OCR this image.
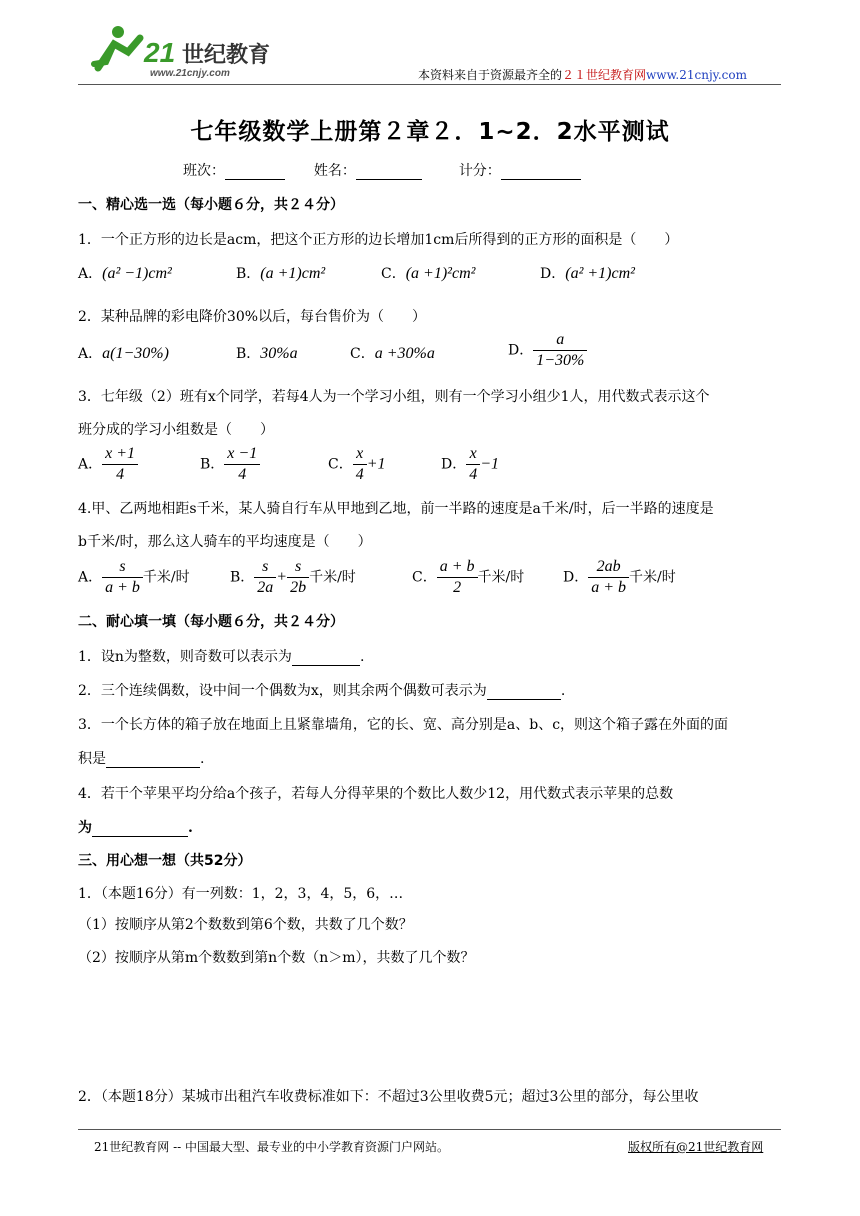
21 世纪教育
www.21cnjy.com	本资料来自于资源最齐全的２１世纪教育网www.21cnjy.com
七年级数学上册第２章２．1~2．2水平测试
班次：	姓名：	计分：
一、精心选一选（每小题６分，共２４分）
1．一个正方形的边长是acm，把这个正方形的边长增加1cm后所得到的正方形的面积是（　　）
A．(a² −1)cm²	B．(a +1)cm²	C．(a +1)²cm²	D．(a² +1)cm²
2．某种品牌的彩电降价30%以后，每台售价为（　　）
A．a(1−30%)	B．30%a	C．a +30%a	D． $\frac{a}{1-30\%}$
3．七年级（2）班有x个同学，若每4人为一个学习小组，则有一个学习小组少1人，用代数式表示这个
班分成的学习小组数是（　　）
A． $\frac{x +1}{4}$	B． $\frac{x -1}{4}$	C． $\frac{x}{4} +1$	D． $\frac{x}{4} -1$
4.甲、乙两地相距s千米，某人骑自行车从甲地到乙地，前一半路的速度是a千米/时，后一半路的速度是
b千米/时，那么这人骑车的平均速度是（　　）
A． $\frac{s}{a + b}$ 千米/时	B． $\frac{s}{2a} + \frac{s}{2b}$ 千米/时	C． $\frac{a + b}{2}$ 千米/时	D． $\frac{2ab}{a + b}$ 千米/时
二、耐心填一填（每小题６分，共２４分）
1．设n为整数，则奇数可以表示为	.
2．三个连续偶数，设中间一个偶数为x，则其余两个偶数可表示为	.
3．一个长方体的箱子放在地面上且紧靠墙角，它的长、宽、高分别是a、b、c，则这个箱子露在外面的面
积是	.
4．若干个苹果平均分给a个孩子，若每人分得苹果的个数比人数少12，用代数式表示苹果的总数
为	.
三、用心想一想（共52分）
1．（本题16分）有一列数：1，2，3，4，5，6，…
（1）按顺序从第2个数数到第6个数，共数了几个数？
（2）按顺序从第m个数数到第n个数（n＞m），共数了几个数？
2．（本题18分）某城市出租汽车收费标准如下：不超过3公里收费5元；超过3公里的部分，每公里收
21世纪教育网 -- 中国最大型、最专业的中小学教育资源门户网站。	版权所有@21世纪教育网
